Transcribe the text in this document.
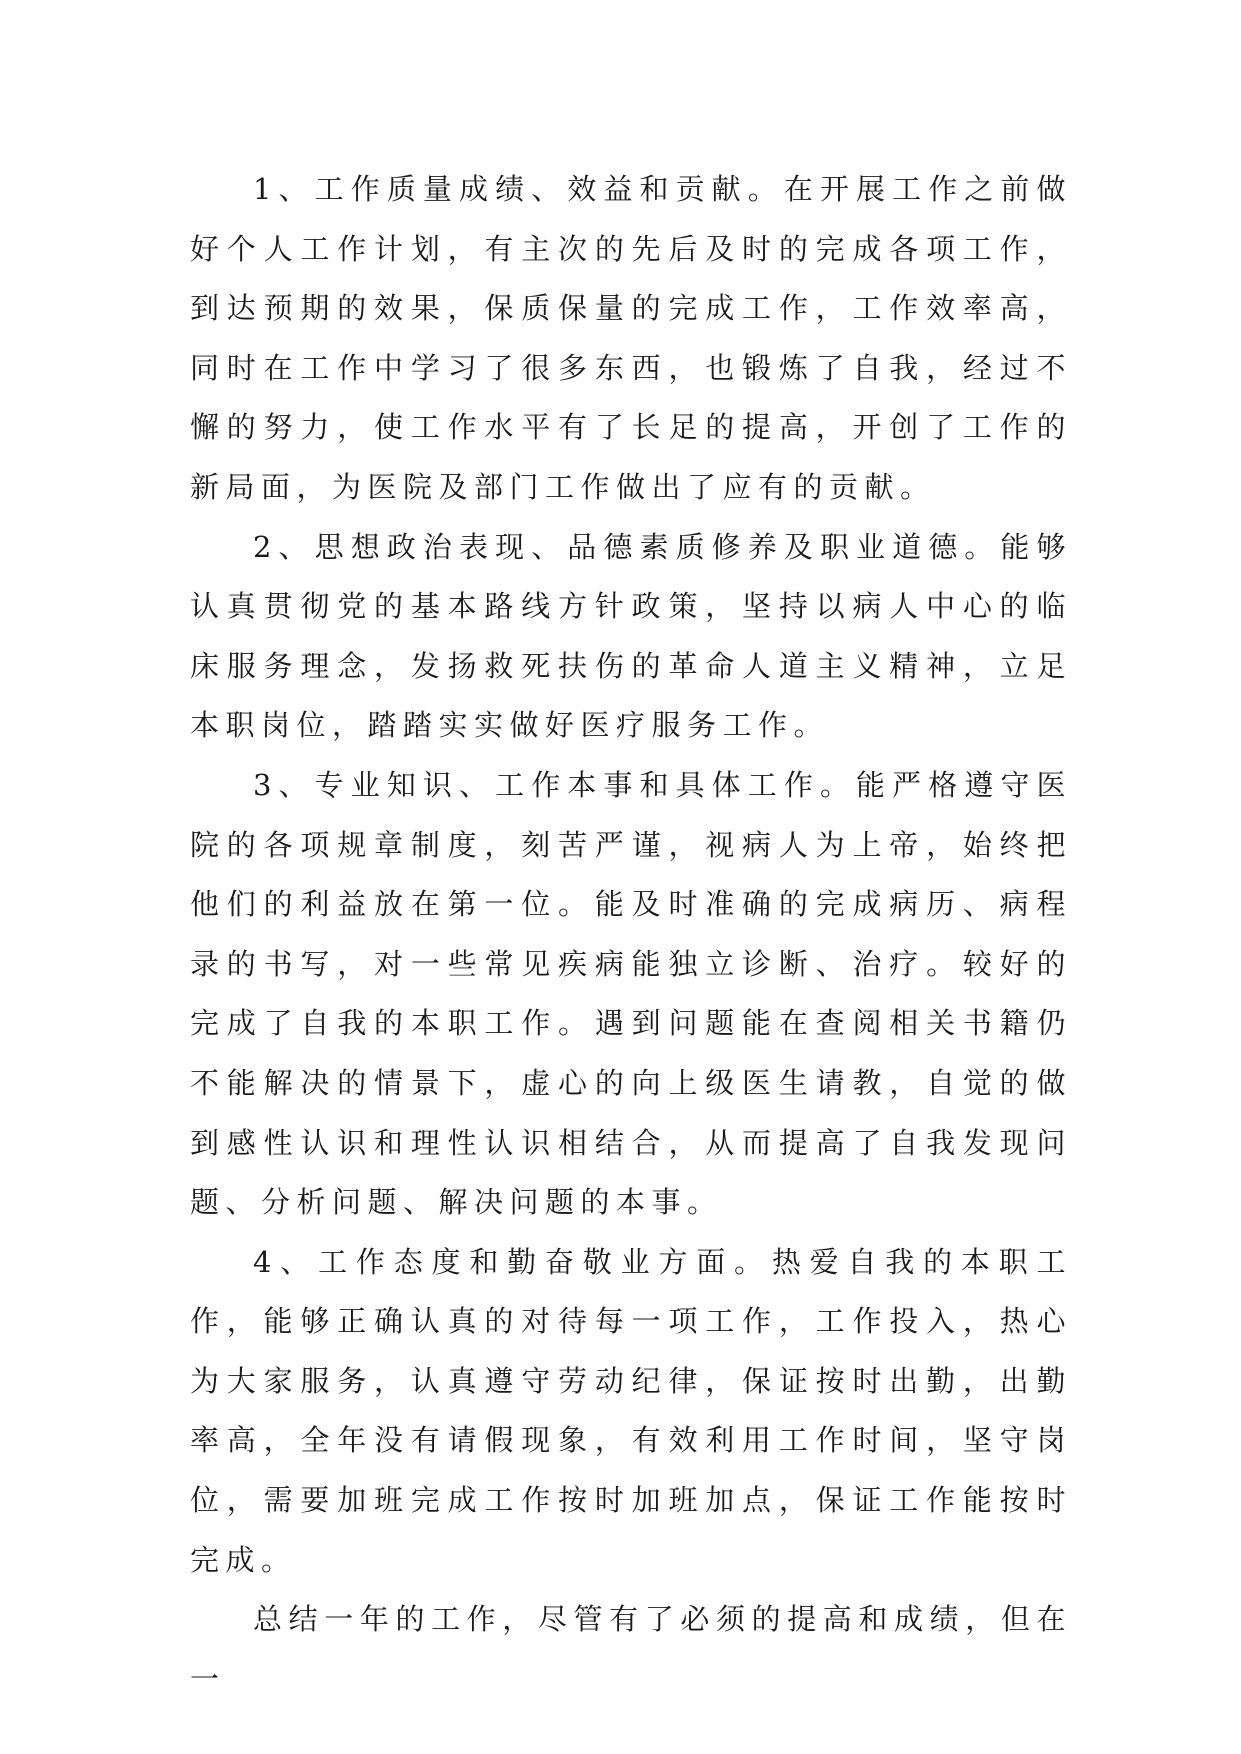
1、工作质量成绩、效益和贡献。在开展工作之前做好个人工作计划，有主次的先后及时的完成各项工作，到达预期的效果，保质保量的完成工作，工作效率高，同时在工作中学习了很多东西，也锻炼了自我，经过不懈的努力，使工作水平有了长足的提高，开创了工作的新局面，为医院及部门工作做出了应有的贡献。

2、思想政治表现、品德素质修养及职业道德。能够认真贯彻党的基本路线方针政策，坚持以病人中心的临床服务理念，发扬救死扶伤的革命人道主义精神，立足本职岗位，踏踏实实做好医疗服务工作。

3、专业知识、工作本事和具体工作。能严格遵守医院的各项规章制度，刻苦严谨，视病人为上帝，始终把他们的利益放在第一位。能及时准确的完成病历、病程录的书写，对一些常见疾病能独立诊断、治疗。较好的完成了自我的本职工作。遇到问题能在查阅相关书籍仍不能解决的情景下，虚心的向上级医生请教，自觉的做到感性认识和理性认识相结合，从而提高了自我发现问题、分析问题、解决问题的本事。

4、工作态度和勤奋敬业方面。热爱自我的本职工作，能够正确认真的对待每一项工作，工作投入，热心为大家服务，认真遵守劳动纪律，保证按时出勤，出勤率高，全年没有请假现象，有效利用工作时间，坚守岗位，需要加班完成工作按时加班加点，保证工作能按时完成。

总结一年的工作，尽管有了必须的提高和成绩，但在一
